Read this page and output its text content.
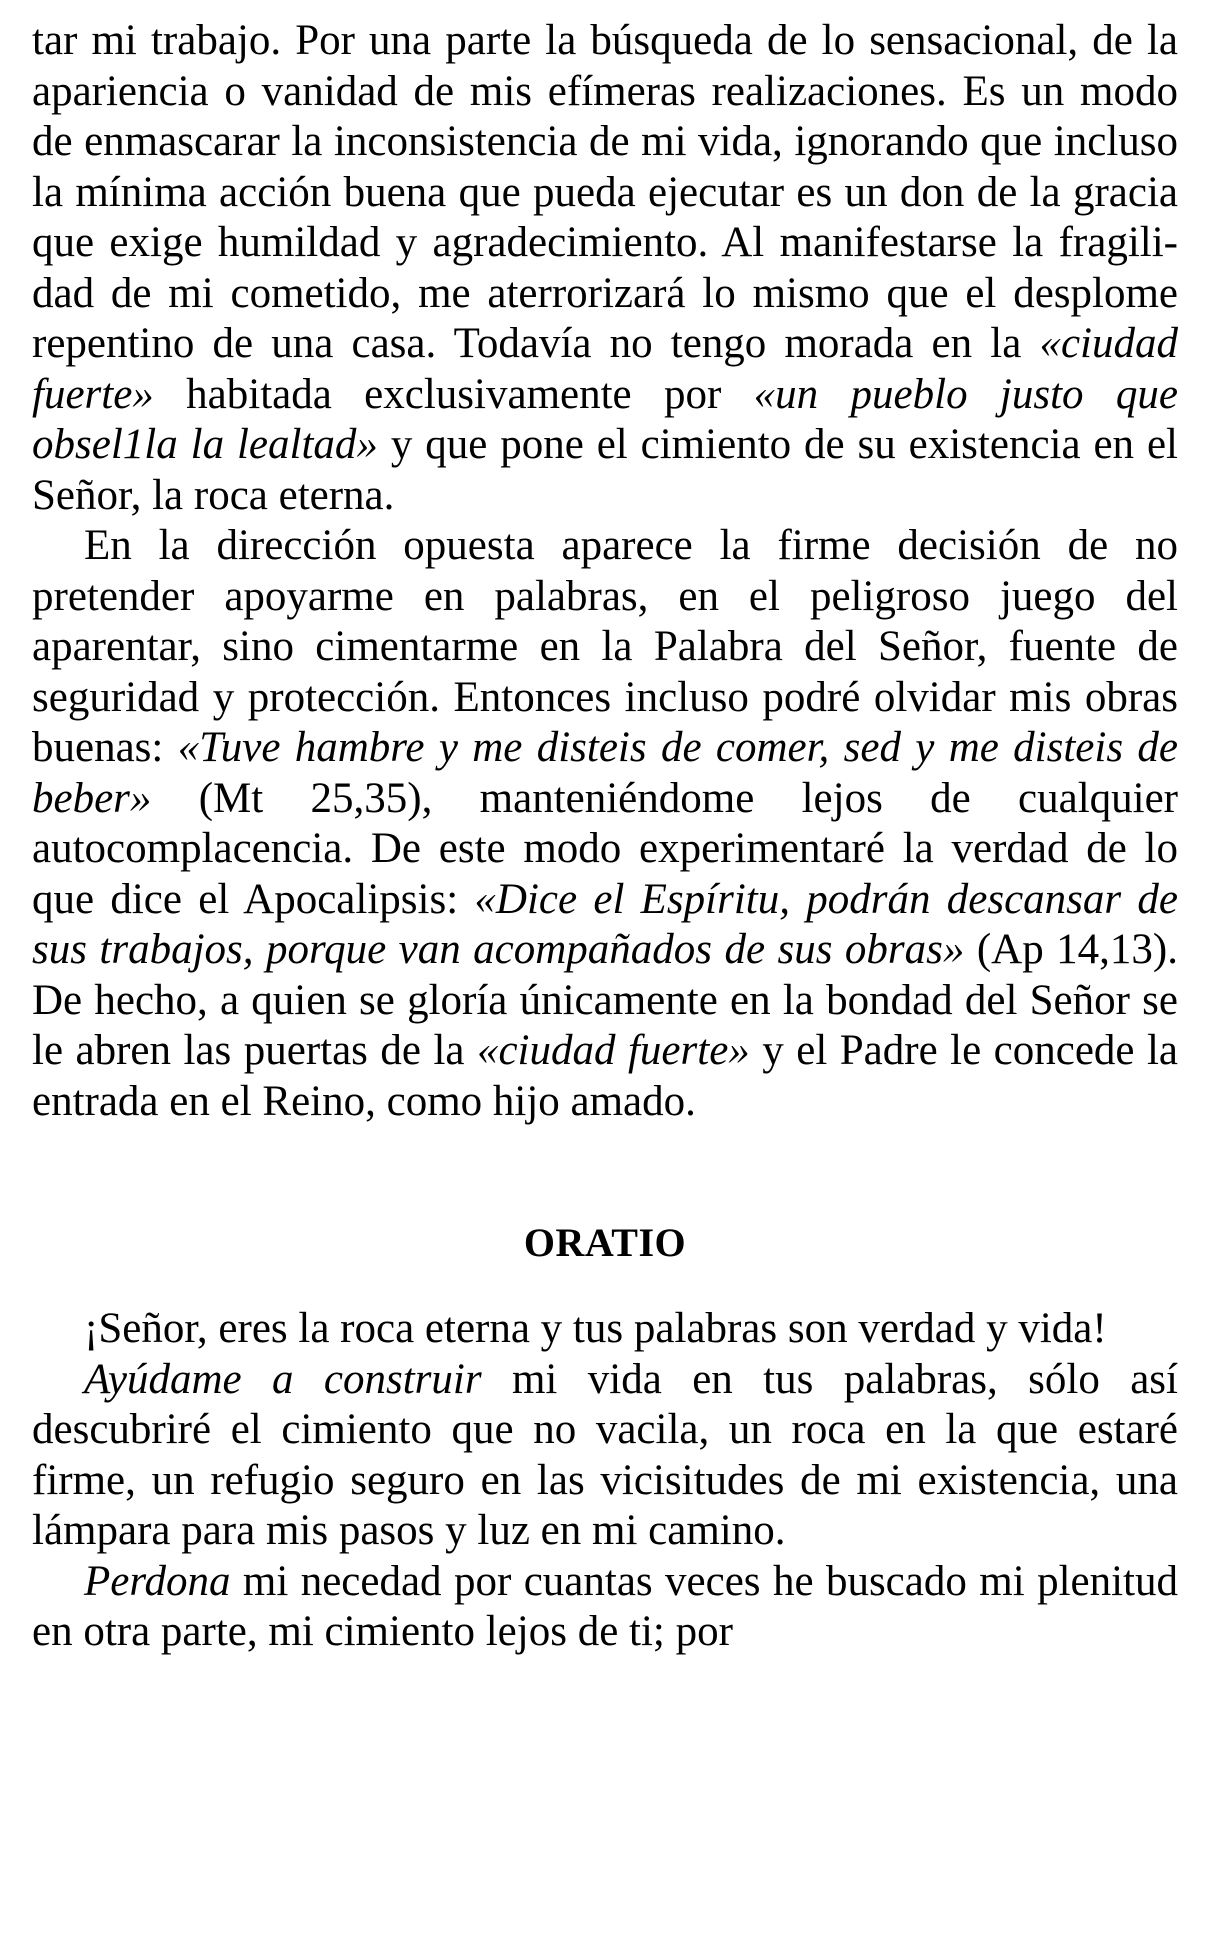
tar mi trabajo. Por una parte la búsqueda de lo sensacional, de la apariencia o vanidad de mis efímeras realizaciones. Es un modo de enmascarar la inconsistencia de mi vida, ignorando que incluso la mínima acción buena que pueda ejecutar es un don de la gracia que exige humildad y agradecimiento. Al manifestarse la fragilidad de mi cometido, me aterrorizará lo mismo que el desplome repentino de una casa. Todavía no tengo morada en la «ciudad fuerte» habitada exclusivamente por «un pueblo justo que obsel1la la lealtad» y que pone el cimiento de su existencia en el Señor, la roca eterna.

En la dirección opuesta aparece la firme decisión de no pretender apoyarme en palabras, en el peligroso juego del aparentar, sino cimentarme en la Palabra del Señor, fuente de seguridad y protección. Entonces incluso podré olvidar mis obras buenas: «Tuve hambre y me disteis de comer, sed y me disteis de beber» (Mt 25,35), manteniéndome lejos de cualquier autocomplacencia. De este modo experimentaré la verdad de lo que dice el Apocalipsis: «Dice el Espíritu, podrán descansar de sus trabajos, porque van acompañados de sus obras» (Ap 14,13). De hecho, a quien se gloría únicamente en la bondad del Señor se le abren las puertas de la «ciudad fuerte» y el Padre le concede la entrada en el Reino, como hijo amado.

ORATIO

¡Señor, eres la roca eterna y tus palabras son verdad y vida!

Ayúdame a construir mi vida en tus palabras, sólo así descubriré el cimiento que no vacila, un roca en la que estaré firme, un refugio seguro en las vicisitudes de mi existencia, una lámpara para mis pasos y luz en mi camino.

Perdona mi necedad por cuantas veces he buscado mi plenitud en otra parte, mi cimiento lejos de ti; por
